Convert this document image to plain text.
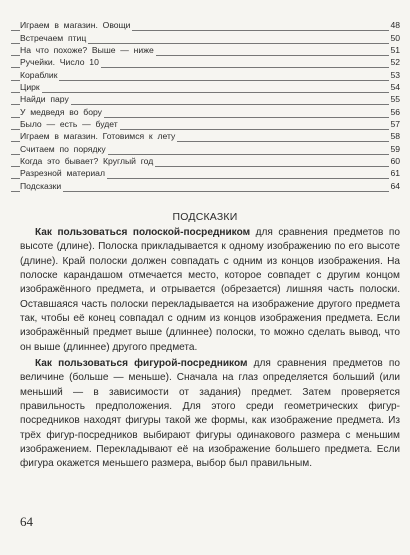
Играем  в  магазин.  Овощи	48
Встречаем  птиц	50
На  что  похоже?  Выше  —  ниже	51
Ручейки.  Число  10	52
Кораблик	53
Цирк	54
Найди  пару	55
У  медведя  во  бору	56
Было  —  есть  —  будет	57
Играем  в  магазин.  Готовимся  к  лету	58
Считаем  по  порядку	59
Когда  это  бывает?  Круглый  год	60
Разрезной  материал	61
Подсказки	64
ПОДСКАЗКИ

Как пользоваться полоской-посредником для сравнения предметов по высоте (длине). Полоска прикладывается к одному изображению по его высоте (длине). Край полоски должен совпадать с одним из концов изображения. На полоске карандашом отмечается место, которое совпадет с другим концом изображённого предмета, и отрывается (обрезается) лишняя часть полоски. Оставшаяся часть полоски перекладывается на изображение другого предмета так, чтобы её конец совпадал с одним из концов изображения предмета. Если изображённый предмет выше (длиннее) полоски, то можно сделать вывод, что он выше (длиннее) другого предмета.

Как пользоваться фигурой-посредником для сравнения предметов по величине (больше — меньше). Сначала на глаз определяется больший (или меньший — в зависимости от задания) предмет. Затем проверяется правильность предположения. Для этого среди геометрических фигур-посредников находят фигуры такой же формы, как изображение предмета. Из трёх фигур-посредников выбирают фигуры одинакового размера с меньшим изображением. Перекладывают её на изображение большего предмета. Если фигура окажется меньшего размера, выбор был правильным.

64
